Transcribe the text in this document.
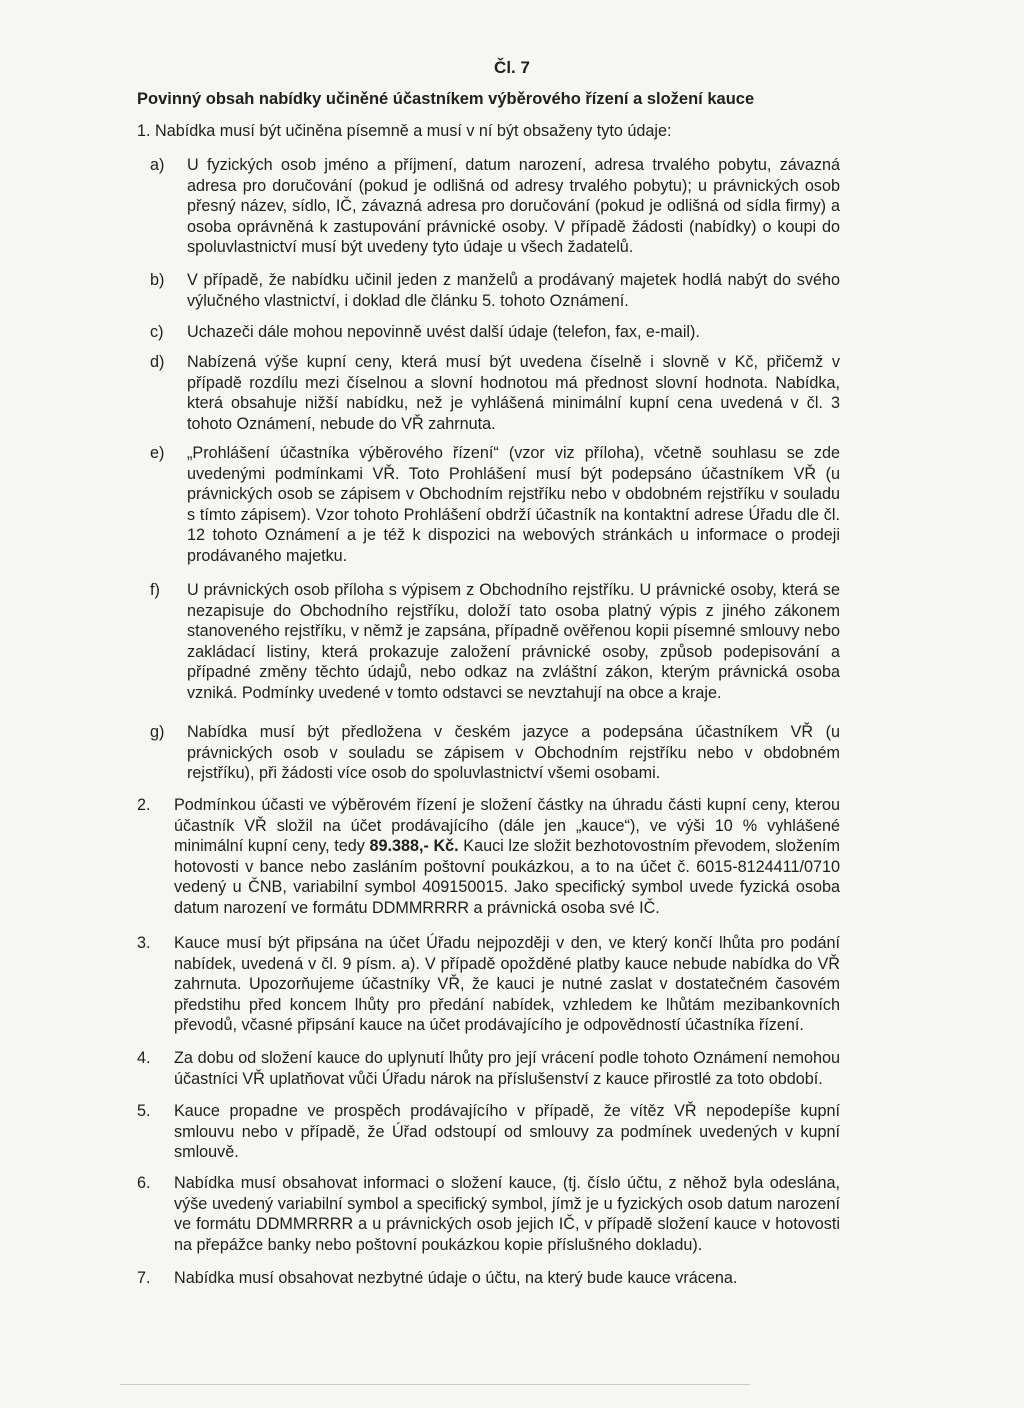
Čl. 7
Povinný obsah nabídky učiněné účastníkem výběrového řízení a složení kauce
1. Nabídka musí být učiněna písemně a musí v ní být obsaženy tyto údaje:
a) U fyzických osob jméno a příjmení, datum narození, adresa trvalého pobytu, závazná adresa pro doručování (pokud je odlišná od adresy trvalého pobytu); u právnických osob přesný název, sídlo, IČ, závazná adresa pro doručování (pokud je odlišná od sídla firmy) a osoba oprávněná k zastupování právnické osoby. V případě žádosti (nabídky) o koupi do spoluvlastnictví musí být uvedeny tyto údaje u všech žadatelů.
b) V případě, že nabídku učinil jeden z manželů a prodávaný majetek hodlá nabýt do svého výlučného vlastnictví, i doklad dle článku 5. tohoto Oznámení.
c) Uchazeči dále mohou nepovinně uvést další údaje (telefon, fax, e-mail).
d) Nabízená výše kupní ceny, která musí být uvedena číselně i slovně v Kč, přičemž v případě rozdílu mezi číselnou a slovní hodnotou má přednost slovní hodnota. Nabídka, která obsahuje nižší nabídku, než je vyhlášená minimální kupní cena uvedená v čl. 3 tohoto Oznámení, nebude do VŘ zahrnuta.
e) „Prohlášení účastníka výběrového řízení“ (vzor viz příloha), včetně souhlasu se zde uvedenými podmínkami VŘ. Toto Prohlášení musí být podepsáno účastníkem VŘ (u právnických osob se zápisem v Obchodním rejstříku nebo v obdobném rejstříku v souladu s tímto zápisem). Vzor tohoto Prohlášení obdrží účastník na kontaktní adrese Úřadu dle čl. 12 tohoto Oznámení a je též k dispozici na webových stránkách u informace o prodeji prodávaného majetku.
f) U právnických osob příloha s výpisem z Obchodního rejstříku. U právnické osoby, která se nezapisuje do Obchodního rejstříku, doloží tato osoba platný výpis z jiného zákonem stanoveného rejstříku, v němž je zapsána, případně ověřenou kopii písemné smlouvy nebo zakládací listiny, která prokazuje založení právnické osoby, způsob podepisování a případné změny těchto údajů, nebo odkaz na zvláštní zákon, kterým právnická osoba vzniká. Podmínky uvedené v tomto odstavci se nevztahují na obce a kraje.
g) Nabídka musí být předložena v českém jazyce a podepsána účastníkem VŘ (u právnických osob v souladu se zápisem v Obchodním rejstříku nebo v obdobném rejstříku), při žádosti více osob do spoluvlastnictví všemi osobami.
2. Podmínkou účasti ve výběrovém řízení je složení částky na úhradu části kupní ceny, kterou účastník VŘ složil na účet prodávajícího (dále jen „kauce“), ve výši 10 % vyhlášené minimální kupní ceny, tedy 89.388,- Kč. Kauci lze složit bezhotovostním převodem, složením hotovosti v bance nebo zasláním poštovní poukázkou, a to na účet č. 6015-8124411/0710 vedený u ČNB, variabilní symbol 409150015. Jako specifický symbol uvede fyzická osoba datum narození ve formátu DDMMRRRR a právnická osoba své IČ.
3. Kauce musí být připsána na účet Úřadu nejpozději v den, ve který končí lhůta pro podání nabídek, uvedená v čl. 9 písm. a). V případě opožděné platby kauce nebude nabídka do VŘ zahrnuta. Upozorňujeme účastníky VŘ, že kauci je nutné zaslat v dostatečném časovém předstihu před koncem lhůty pro předání nabídek, vzhledem ke lhůtám mezibankovních převodů, včasné připsání kauce na účet prodávajícího je odpovědností účastníka řízení.
4. Za dobu od složení kauce do uplynutí lhůty pro její vrácení podle tohoto Oznámení nemohou účastníci VŘ uplatňovat vůči Úřadu nárok na příslušenství z kauce přirostlé za toto období.
5. Kauce propadne ve prospěch prodávajícího v případě, že vítěz VŘ nepodepíše kupní smlouvu nebo v případě, že Úřad odstoupí od smlouvy za podmínek uvedených v kupní smlouvě.
6. Nabídka musí obsahovat informaci o složení kauce, (tj. číslo účtu, z něhož byla odeslána, výše uvedený variabilní symbol a specifický symbol, jímž je u fyzických osob datum narození ve formátu DDMMRRRR a u právnických osob jejich IČ, v případě složení kauce v hotovosti na přepážce banky nebo poštovní poukázkou kopie příslušného dokladu).
7. Nabídka musí obsahovat nezbytné údaje o účtu, na který bude kauce vrácena.
